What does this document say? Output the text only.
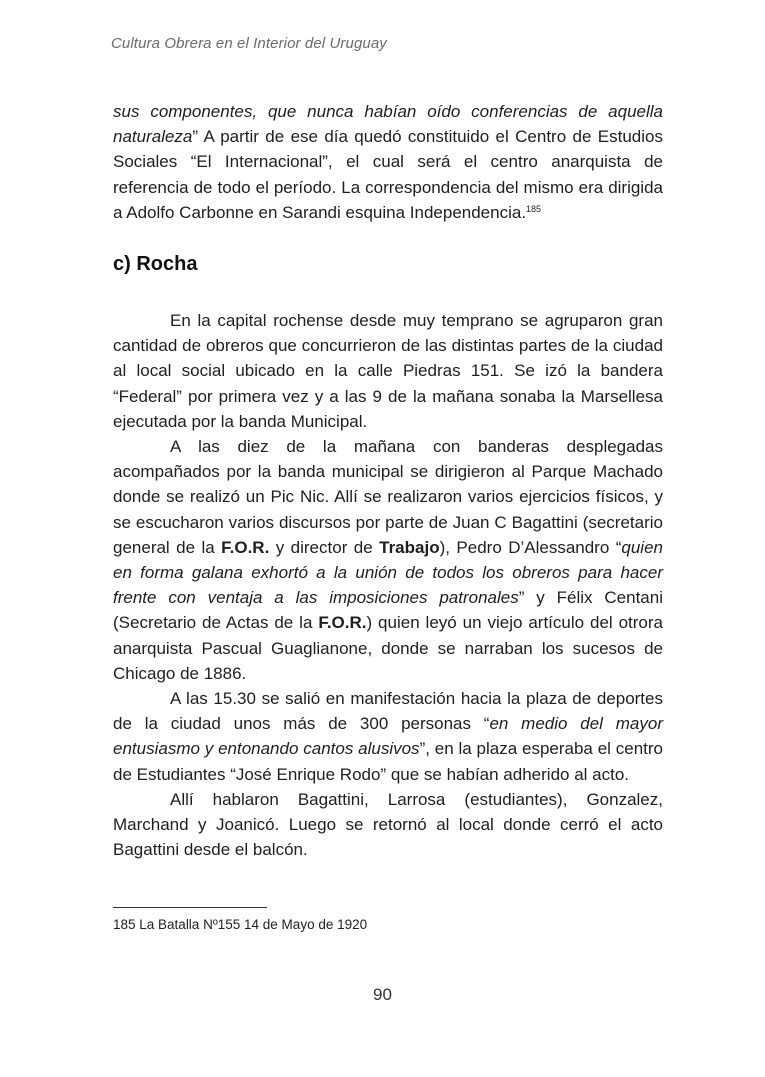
Cultura Obrera en el Interior del Uruguay
sus componentes, que nunca habían oído conferencias de aquella naturaleza” A partir de ese día quedó constituido el Centro de Estudios Sociales “El Internacional”, el cual será el centro anarquista de referencia de todo el período. La correspondencia del mismo era dirigida a Adolfo Carbonne en Sarandi esquina Independencia.$^{185}$
c) Rocha

En la capital rochense desde muy temprano se agruparon gran cantidad de obreros que concurrieron de las distintas partes de la ciudad al local social ubicado en la calle Piedras 151. Se izó la bandera “Federal” por primera vez y a las 9 de la mañana sonaba la Marsellesa ejecutada por la banda Municipal.

A las diez de la mañana con banderas desplegadas acompañados por la banda municipal se dirigieron al Parque Machado donde se realizó un Pic Nic. Allí se realizaron varios ejercicios físicos, y se escucharon varios discursos por parte de Juan C Bagattini (secretario general de la F.O.R. y director de Trabajo), Pedro D’Alessandro “quien en forma galana exhortó a la unión de todos los obreros para hacer frente con ventaja a las imposiciones patronales” y Félix Centani (Secretario de Actas de la F.O.R.) quien leyó un viejo artículo del otrora anarquista Pascual Guaglianone, donde se narraban los sucesos de Chicago de 1886.

A las 15.30 se salió en manifestación hacia la plaza de deportes de la ciudad unos más de 300 personas “en medio del mayor entusiasmo y entonando cantos alusivos”, en la plaza esperaba el centro de Estudiantes “José Enrique Rodo” que se habían adherido al acto.

Allí hablaron Bagattini, Larrosa (estudiantes), Gonzalez, Marchand y Joanicó. Luego se retornó al local donde cerró el acto Bagattini desde el balcón.

185 La Batalla Nº155 14 de Mayo de 1920
90
